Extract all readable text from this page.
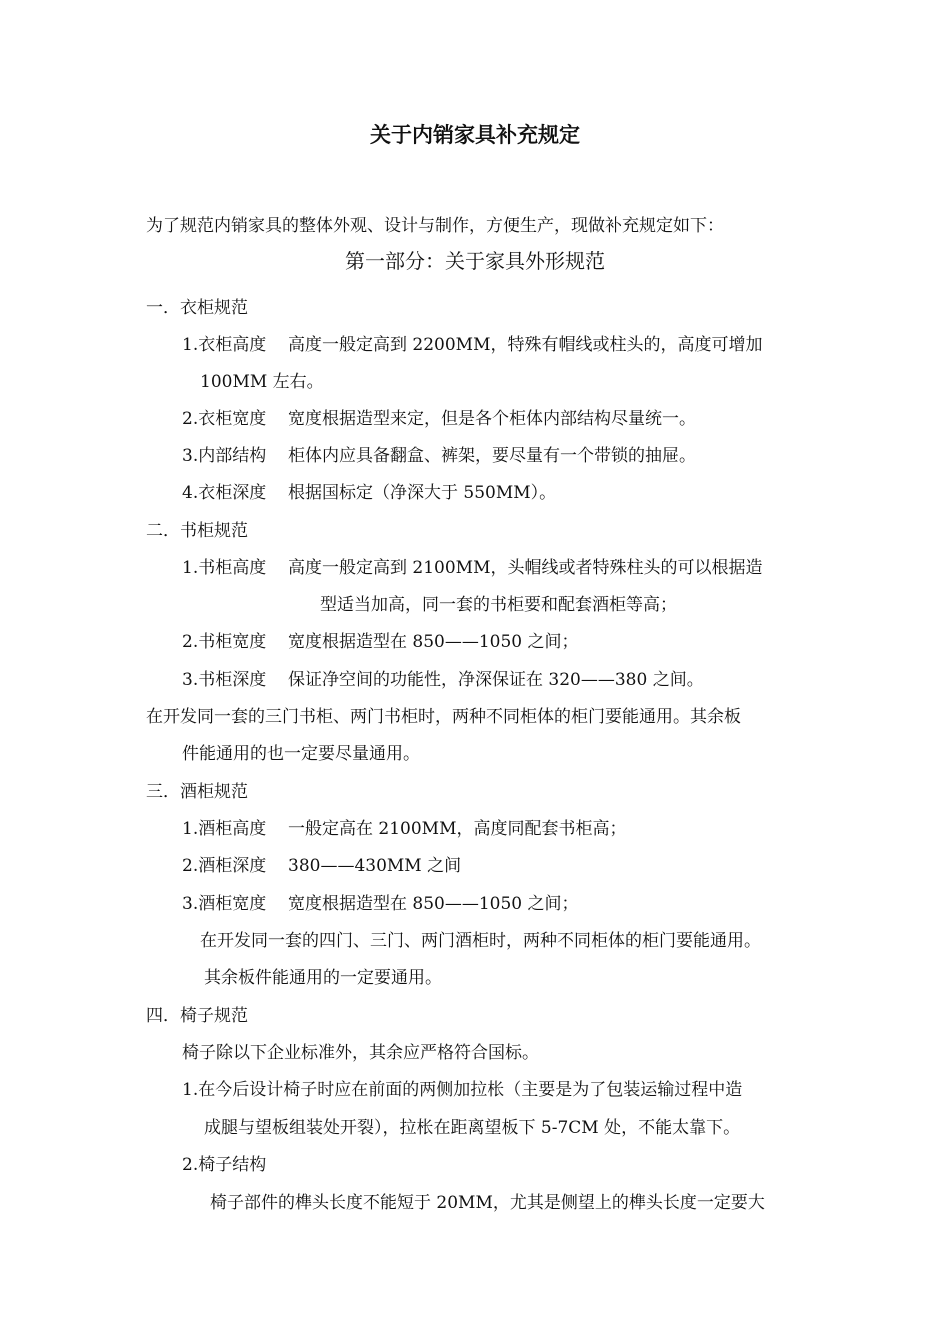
关于内销家具补充规定
为了规范内销家具的整体外观、设计与制作，方便生产，现做补充规定如下：
第一部分：关于家具外形规范
一．衣柜规范
1.衣柜高度 高度一般定高到 2200MM，特殊有帽线或柱头的，高度可增加
100MM 左右。
2.衣柜宽度 宽度根据造型来定，但是各个柜体内部结构尽量统一。
3.内部结构 柜体内应具备翻盒、裤架，要尽量有一个带锁的抽屉。
4.衣柜深度 根据国标定（净深大于 550MM）。
二．书柜规范
1.书柜高度 高度一般定高到 2100MM，头帽线或者特殊柱头的可以根据造
型适当加高，同一套的书柜要和配套酒柜等高；
2.书柜宽度 宽度根据造型在 850——1050 之间；
3.书柜深度 保证净空间的功能性，净深保证在 320——380 之间。
在开发同一套的三门书柜、两门书柜时，两种不同柜体的柜门要能通用。其余板
件能通用的也一定要尽量通用。
三．酒柜规范
1.酒柜高度 一般定高在 2100MM，高度同配套书柜高；
2.酒柜深度 380——430MM 之间
3.酒柜宽度 宽度根据造型在 850——1050 之间；
在开发同一套的四门、三门、两门酒柜时，两种不同柜体的柜门要能通用。
其余板件能通用的一定要通用。
四．椅子规范
椅子除以下企业标准外，其余应严格符合国标。
1.在今后设计椅子时应在前面的两侧加拉枨（主要是为了包装运输过程中造
成腿与望板组装处开裂），拉枨在距离望板下 5-7CM 处，不能太靠下。
2.椅子结构
椅子部件的榫头长度不能短于 20MM，尤其是侧望上的榫头长度一定要大
